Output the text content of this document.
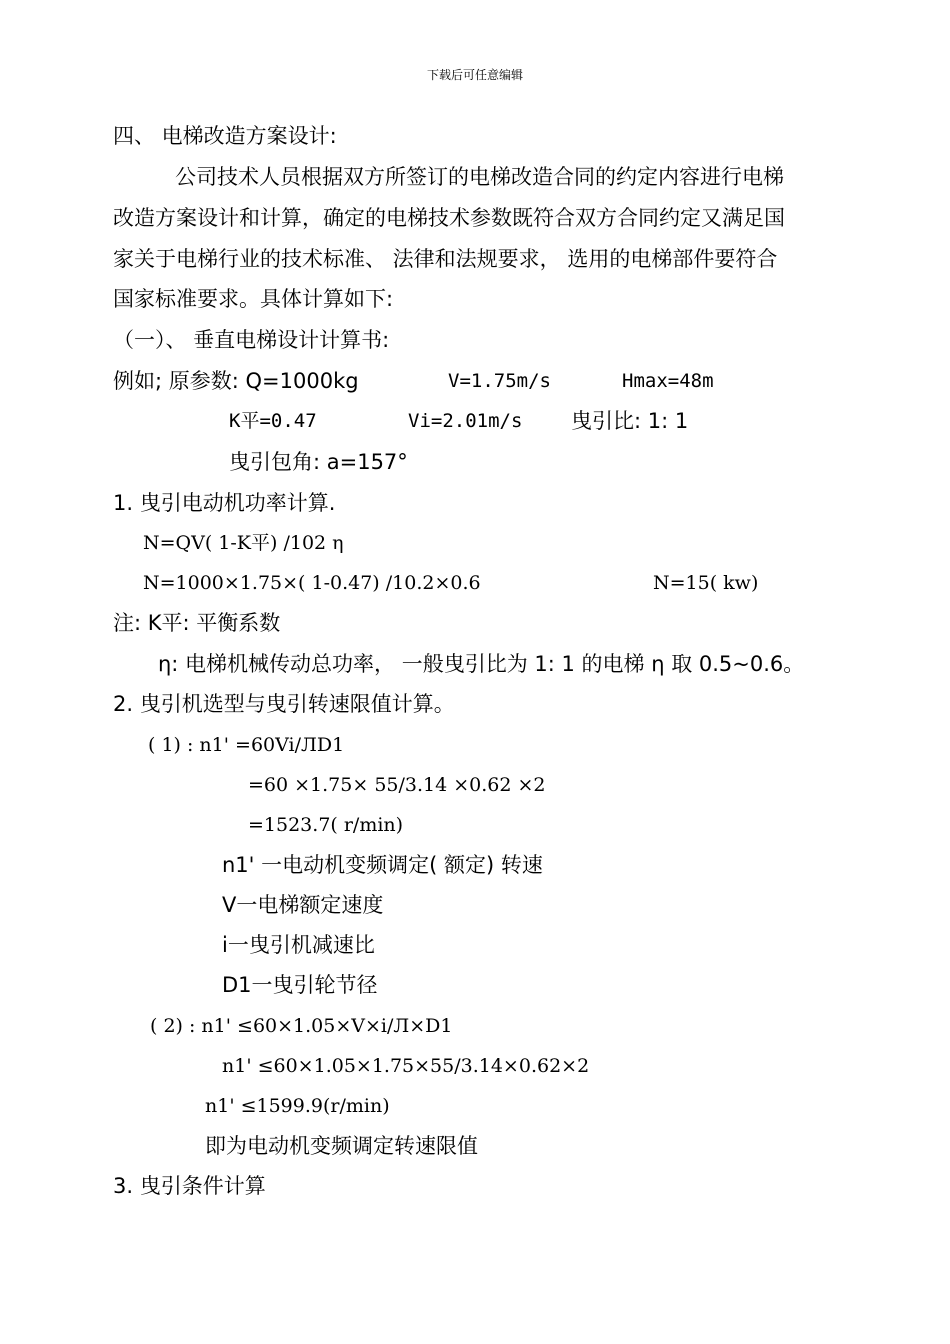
下载后可任意编辑
四、 电梯改造方案设计:
公司技术人员根据双方所签订的电梯改造合同的约定内容进行电梯
改造方案设计和计算，确定的电梯技术参数既符合双方合同约定又满足国
家关于电梯行业的技术标准、 法律和法规要求， 选用的电梯部件要符合
国家标准要求。具体计算如下:
（一）、 垂直电梯设计计算书:
例如; 原参数: Q=1000kg	V=1.75m/s	Hmax=48m
K平=0.47	Vi=2.01m/s 曳引比: 1: 1
曳引包角: a=157°
1. 曳引电动机功率计算.
N=QV( 1-K平) /102 η
N=1000×1.75×( 1-0.47) /10.2×0.6	N=15( kw)
注: K平: 平衡系数
η: 电梯机械传动总功率， 一般曳引比为 1: 1 的电梯 η 取 0.5~0.6。
2. 曳引机选型与曳引转速限值计算。
( 1) : n1' =60Vi/ЛD1
=60 ×1.75× 55/3.14 ×0.62 ×2
=1523.7( r/min)
n1' 一电动机变频调定( 额定) 转速
V一电梯额定速度
i一曳引机减速比
D1一曳引轮节径
( 2) : n1' ≤60×1.05×V×i/Л×D1
n1' ≤60×1.05×1.75×55/3.14×0.62×2
n1' ≤1599.9(r/min)
即为电动机变频调定转速限值
3. 曳引条件计算
